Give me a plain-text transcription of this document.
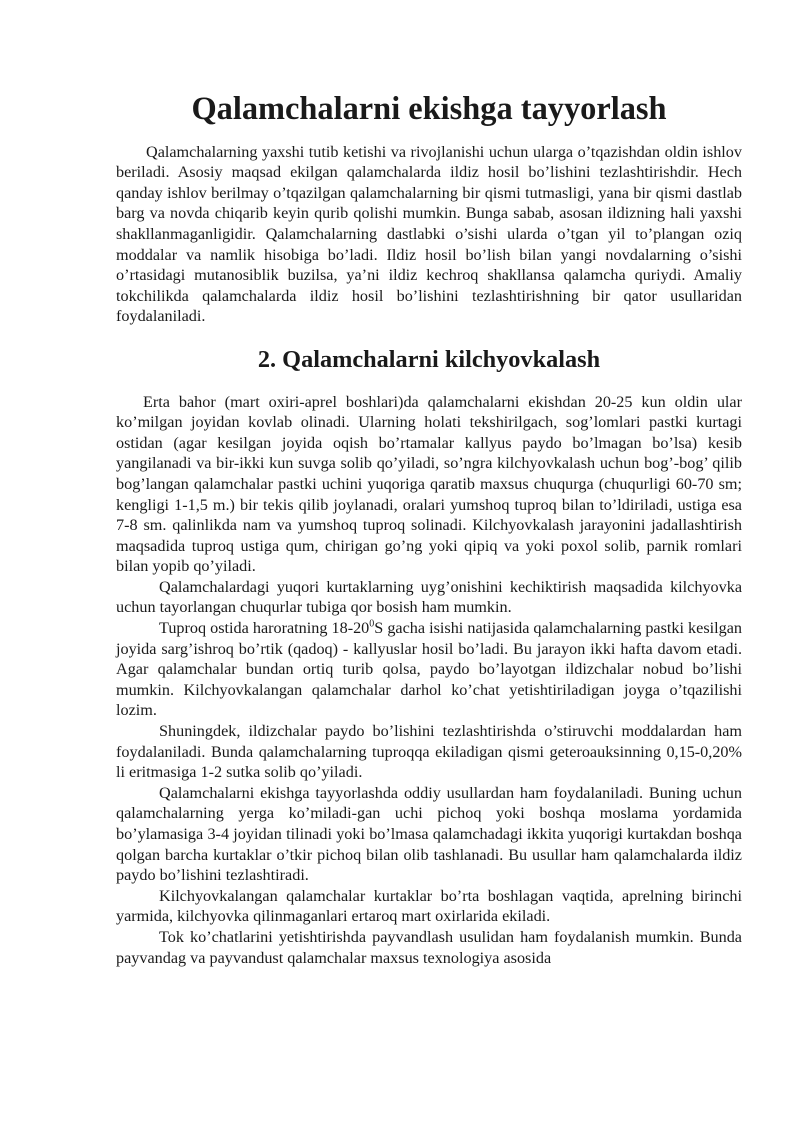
Qalamchalarni ekishga tayyorlash

Qalamchalarning yaxshi tutib ketishi va rivojlanishi uchun ularga o’tqazishdan oldin ishlov beriladi. Asosiy maqsad ekilgan qalamchalarda ildiz hosil bo’lishini tezlashtirishdir. Hech qanday ishlov berilmay o’tqazilgan qalamchalarning bir qismi tutmasligi, yana bir qismi dastlab barg va novda chiqarib keyin qurib qolishi mumkin. Bunga sabab, asosan ildizning hali yaxshi shakllanmaganligidir. Qalamchalarning dastlabki o’sishi ularda o’tgan yil to’plangan oziq moddalar va namlik hisobiga bo’ladi. Ildiz hosil bo’lish bilan yangi novdalarning o’sishi o’rtasidagi mutanosiblik buzilsa, ya’ni ildiz kechroq shakllansa qalamcha quriydi. Amaliy tokchilikda qalamchalarda ildiz hosil bo’lishini tezlashtirishning bir qator usullaridan foydalaniladi.

2. Qalamchalarni kilchyovkalash

Erta bahor (mart oxiri-aprel boshlari)da qalamchalarni ekishdan 20-25 kun oldin ular ko’milgan joyidan kovlab olinadi. Ularning holati tekshirilgach, sog’lomlari pastki kurtagi ostidan (agar kesilgan joyida oqish bo’rtamalar kallyus paydo bo’lmagan bo’lsa) kesib yangilanadi va bir-ikki kun suvga solib qo’yiladi, so’ngra kilchyovkalash uchun bog’-bog’ qilib bog’langan qalamchalar pastki uchini yuqoriga qaratib maxsus chuqurga (chuqurligi 60-70 sm; kengligi 1-1,5 m.) bir tekis qilib joylanadi, oralari yumshoq tuproq bilan to’ldiriladi, ustiga esa 7-8 sm. qalinlikda nam va yumshoq tuproq solinadi. Kilchyovkalash jarayonini jadallashtirish maqsadida tuproq ustiga qum, chirigan go’ng yoki qipiq va yoki poxol solib, parnik romlari bilan yopib qo’yiladi.

Qalamchalardagi yuqori kurtaklarning uyg’onishini kechiktirish maqsadida kilchyovka uchun tayorlangan chuqurlar tubiga qor bosish ham mumkin.

Tuproq ostida haroratning $18-20^0S$ gacha isishi natijasida qalamchalarning pastki kesilgan joyida sarg’ishroq bo’rtik (qadoq) - kallyuslar hosil bo’ladi. Bu jarayon ikki hafta davom etadi. Agar qalamchalar bundan ortiq turib qolsa, paydo bo’layotgan ildizchalar nobud bo’lishi mumkin. Kilchyovkalangan qalamchalar darhol ko’chat yetishtiriladigan joyga o’tqazilishi lozim.

Shuningdek, ildizchalar paydo bo’lishini tezlashtirishda o’stiruvchi moddalardan ham foydalaniladi. Bunda qalamchalarning tuproqqa ekiladigan qismi geteroauksinning 0,15-0,20% li eritmasiga 1-2 sutka solib qo’yiladi.

Qalamchalarni ekishga tayyorlashda oddiy usullardan ham foydalaniladi. Buning uchun qalamchalarning yerga ko’miladi-gan uchi pichoq yoki boshqa moslama yordamida bo’ylamasiga 3-4 joyidan tilinadi yoki bo’lmasa qalamchadagi ikkita yuqorigi kurtakdan boshqa qolgan barcha kurtaklar o’tkir pichoq bilan olib tashlanadi. Bu usullar ham qalamchalarda ildiz paydo bo’lishini tezlashtiradi.

Kilchyovkalangan qalamchalar kurtaklar bo’rta boshlagan vaqtida, aprelning birinchi yarmida, kilchyovka qilinmaganlari ertaroq mart oxirlarida ekiladi.

Tok ko’chatlarini yetishtirishda payvandlash usulidan ham foydalanish mumkin. Bunda payvandag va payvandust qalamchalar maxsus texnologiya asosida
